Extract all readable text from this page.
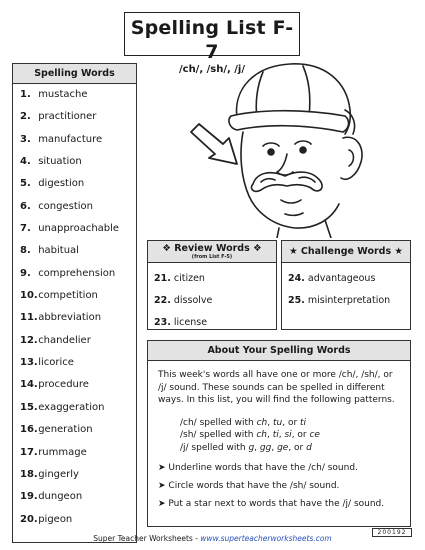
Spelling List F-7
/ch/, /sh/, /j/
Spelling Words
1. mustache
2. practitioner
3. manufacture
4. situation
5. digestion
6. congestion
7. unapproachable
8. habitual
9. comprehension
10. competition
11. abbreviation
12. chandelier
13. licorice
14. procedure
15. exaggeration
16. generation
17. rummage
18. gingerly
19. dungeon
20. pigeon
❖ Review Words ❖
(from List F-5)
21. citizen
22. dissolve
23. license
★ Challenge Words ★
24. advantageous
25. misinterpretation
About Your Spelling Words
This week's words all have one or more /ch/, /sh/, or /j/ sound. These sounds can be spelled in different ways. In this list, you will find the following patterns.
/ch/ spelled with ch, tu, or ti
/sh/ spelled with ch, ti, si, or ce
/j/ spelled with g, gg, ge, or d
➤ Underline words that have the /ch/ sound.
➤ Circle words that have the /sh/ sound.
➤ Put a star next to words that have the /j/ sound.
200192
Super Teacher Worksheets - www.superteacherworksheets.com
